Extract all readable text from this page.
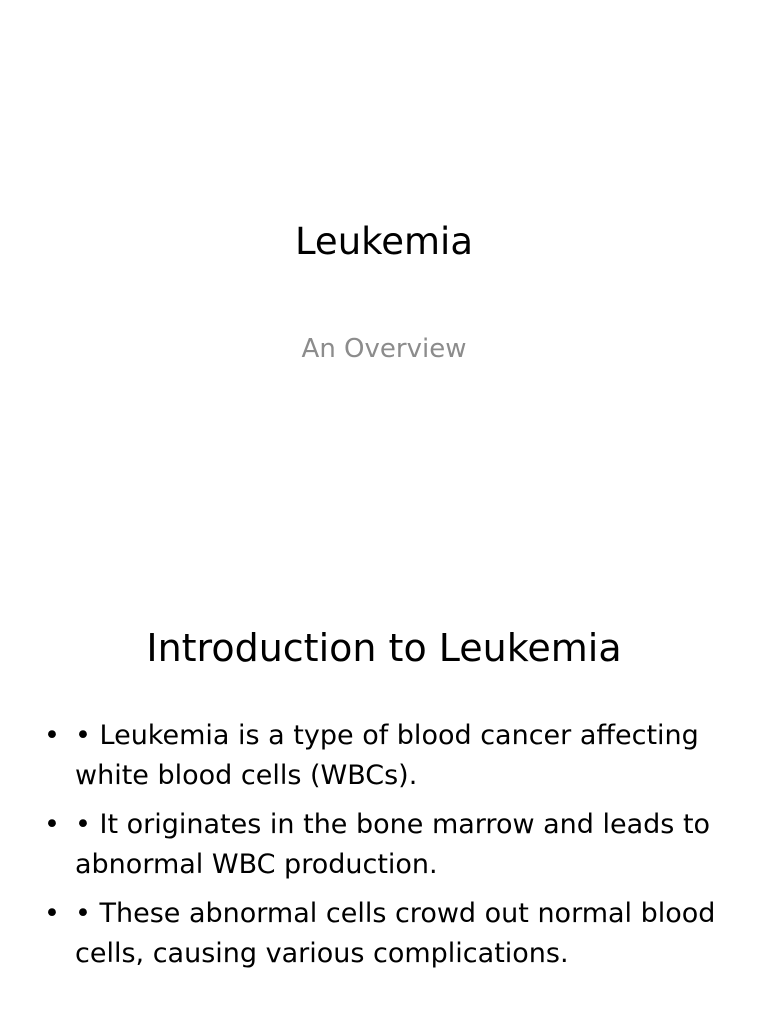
Leukemia
An Overview
Introduction to Leukemia
• • Leukemia is a type of blood cancer affecting white blood cells (WBCs).
• • It originates in the bone marrow and leads to abnormal WBC production.
• • These abnormal cells crowd out normal blood cells, causing various complications.
